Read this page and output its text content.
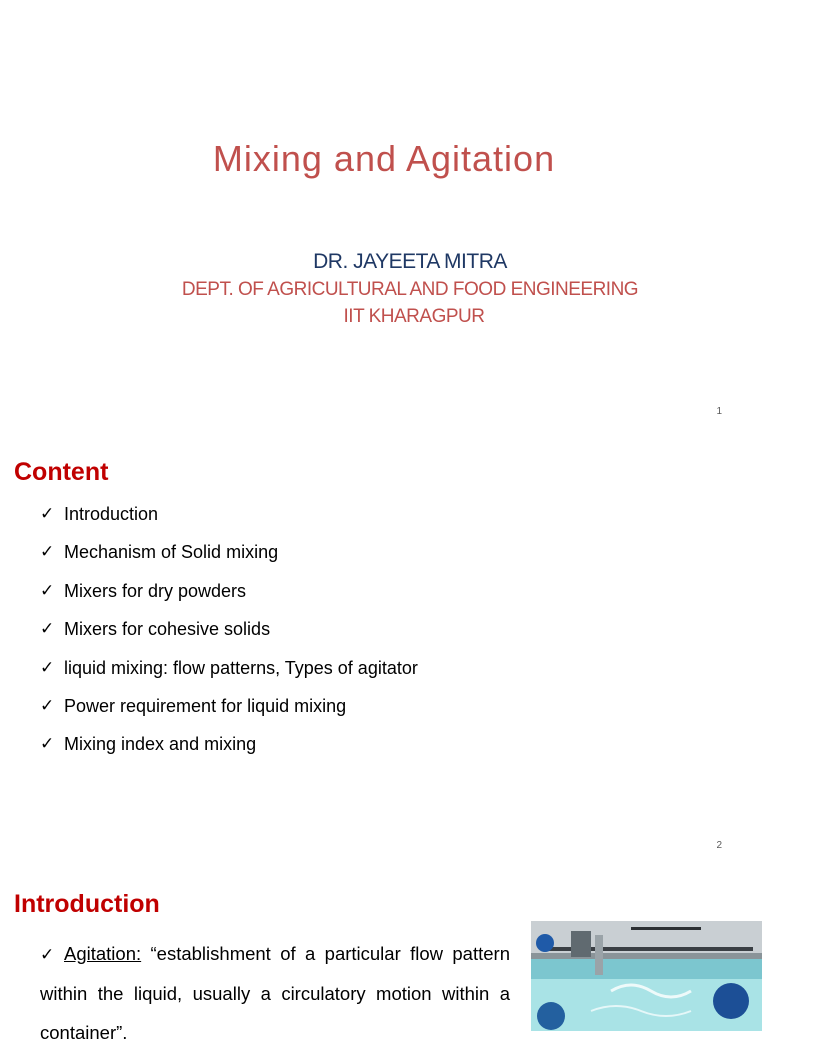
Mixing and Agitation
DR. JAYEETA MITRA
DEPT. OF AGRICULTURAL AND FOOD ENGINEERING
IIT KHARAGPUR
1
Content
✓ Introduction
✓ Mechanism of Solid mixing
✓ Mixers for dry powders
✓ Mixers for cohesive solids
✓ liquid mixing: flow patterns, Types of agitator
✓ Power requirement for liquid mixing
✓ Mixing index and mixing
2
Introduction
✓ Agitation: “establishment of a particular flow pattern within the liquid, usually a circulatory motion within a container”.
